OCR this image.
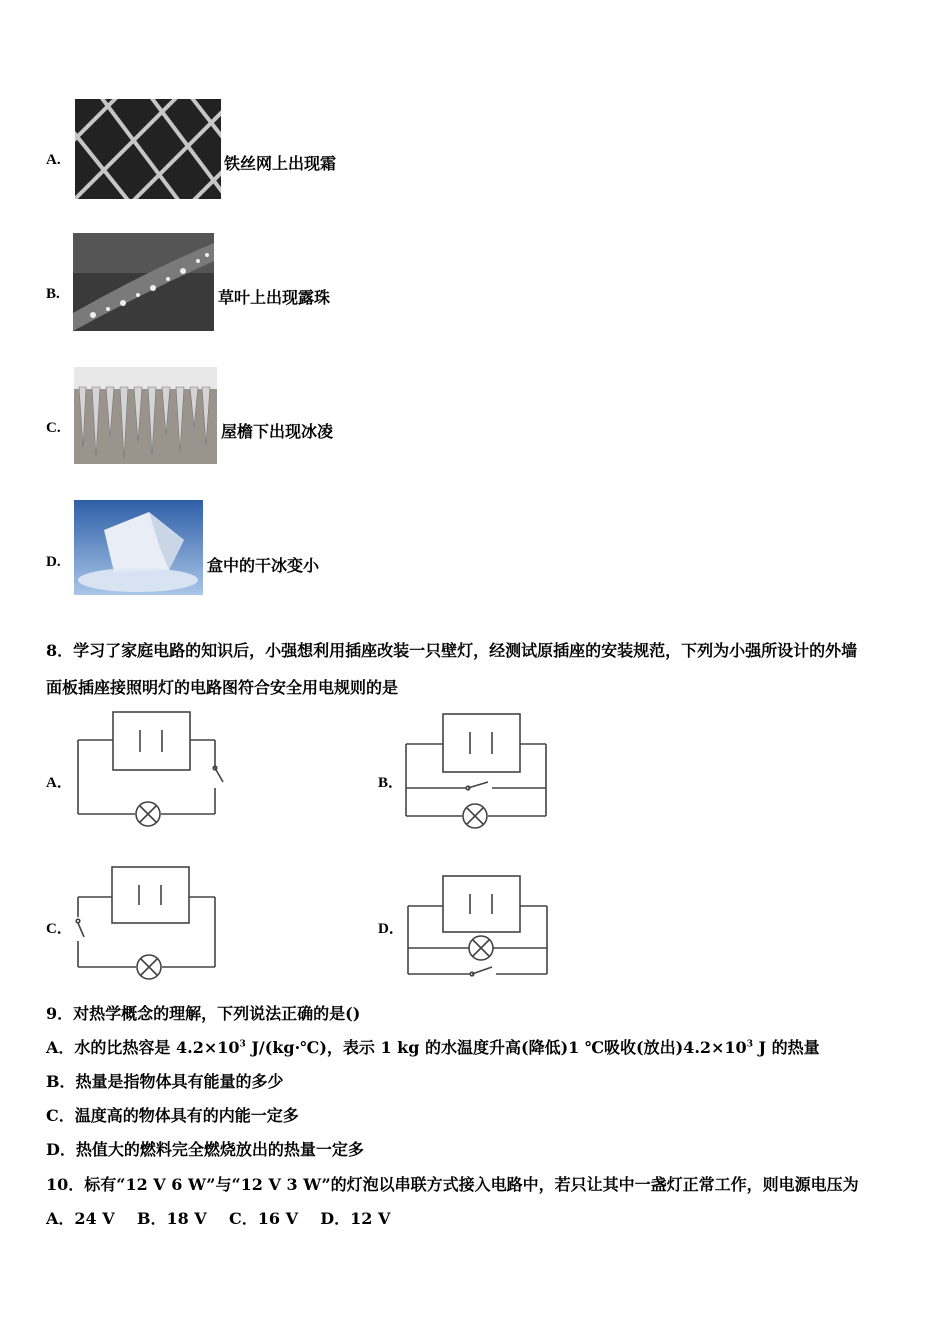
A.	铁丝网上出现霜
B.	草叶上出现露珠
C.	屋檐下出现冰凌
D.	盒中的干冰变小
8．学习了家庭电路的知识后，小强想利用插座改装一只壁灯，经测试原插座的安装规范，下列为小强所设计的外墙
面板插座接照明灯的电路图符合安全用电规则的是
A．	B．
C．	D．
9．对热学概念的理解，下列说法正确的是()
A．水的比热容是 $4.2\times 10^3$ J/(kg·℃)，表示 1 kg 的水温度升高(降低)1 ℃吸收(放出)$4.2\times 10^3$ J 的热量
B．热量是指物体具有能量的多少
C．温度高的物体具有的内能一定多
D．热值大的燃料完全燃烧放出的热量一定多
10．标有“12 V 6 W”与“12 V 3 W”的灯泡以串联方式接入电路中，若只让其中一盏灯正常工作，则电源电压为
A．24 V    B．18 V    C．16 V    D．12 V
